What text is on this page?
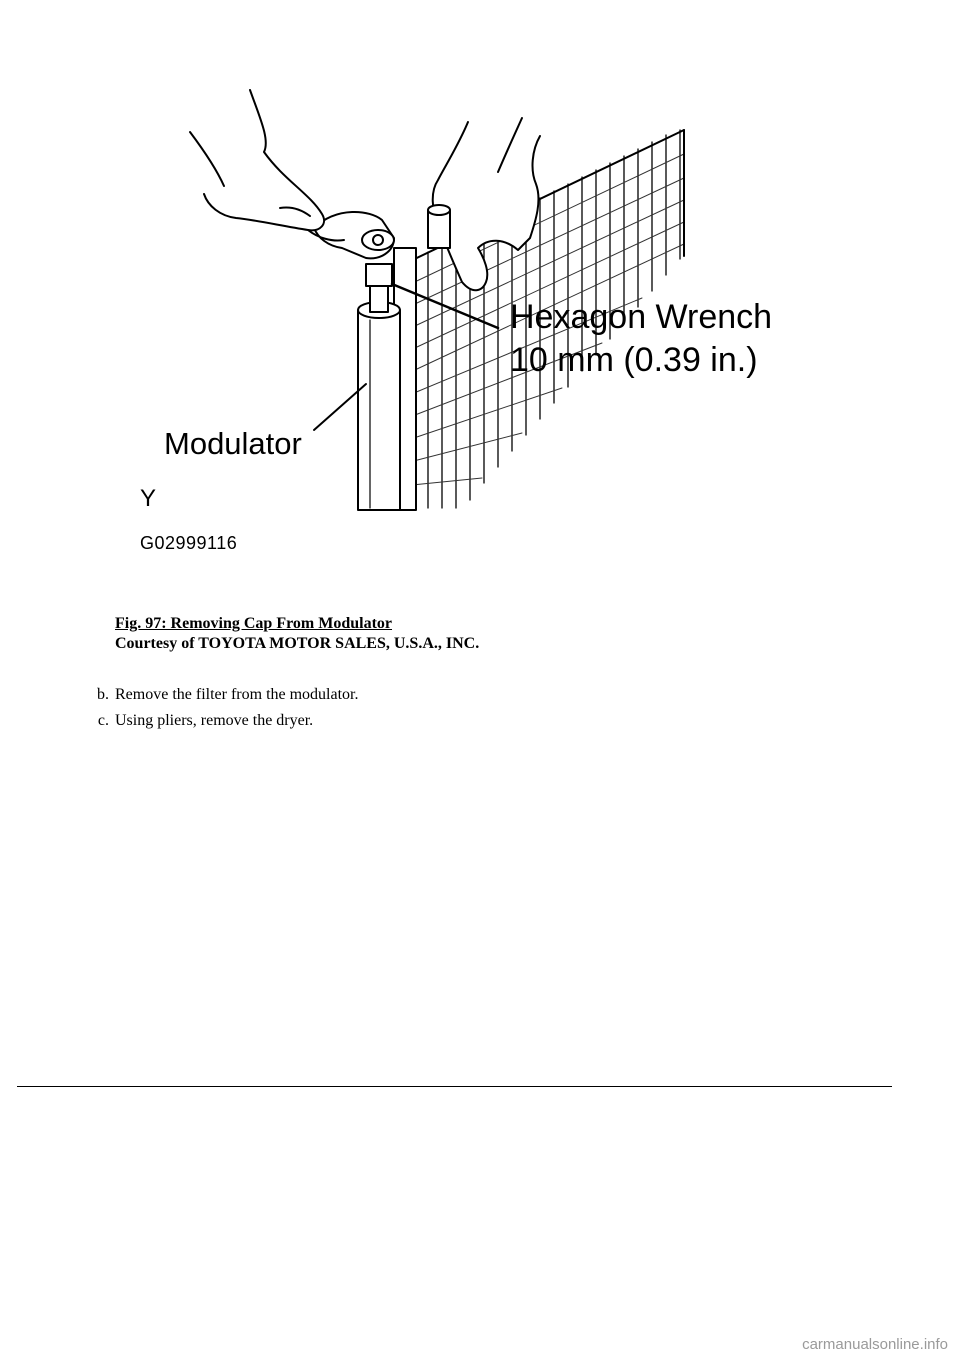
Hexagon Wrench
10 mm (0.39 in.)
Modulator
Y
G02999116
Fig. 97: Removing Cap From Modulator
Courtesy of TOYOTA MOTOR SALES, U.S.A., INC.
b. Remove the filter from the modulator.
c. Using pliers, remove the dryer.
carmanualsonline.info
